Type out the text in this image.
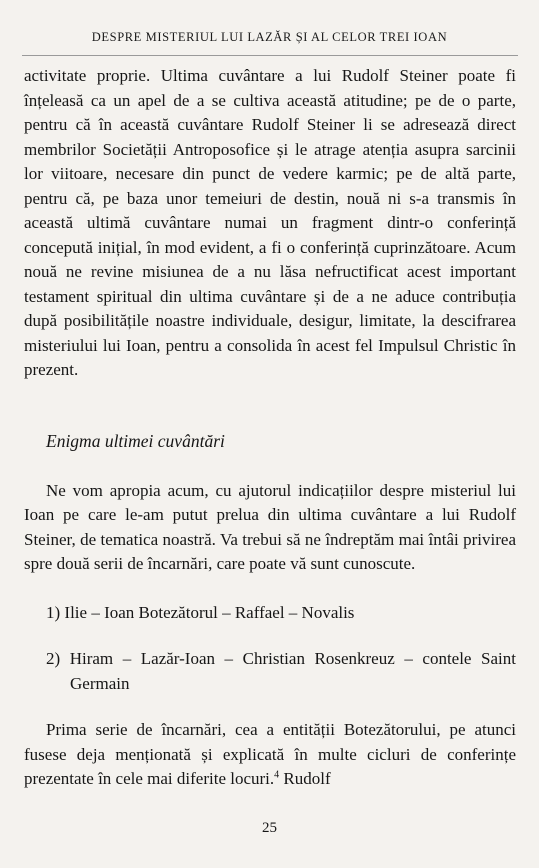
DESPRE MISTERIUL LUI LAZĂR ȘI AL CELOR TREI IOAN

activitate proprie. Ultima cuvântare a lui Rudolf Steiner poate fi înțeleasă ca un apel de a se cultiva această atitudine; pe de o parte, pentru că în această cuvântare Rudolf Steiner li se adresează direct membrilor Societății Antroposofice și le atrage atenția asupra sarcinii lor viitoare, necesare din punct de vedere karmic; pe de altă parte, pentru că, pe baza unor temeiuri de destin, nouă ni s-a transmis în această ultimă cuvântare numai un fragment dintr-o conferință concepută inițial, în mod evident, a fi o conferință cuprinzătoare. Acum nouă ne revine misiunea de a nu lăsa nefructificat acest important testament spiritual din ultima cuvântare și de a ne aduce contribuția după posibilitățile noastre individuale, desigur, limitate, la descifrarea misteriului lui Ioan, pentru a consolida în acest fel Impulsul Christic în prezent.

Enigma ultimei cuvântări

Ne vom apropia acum, cu ajutorul indicațiilor despre misteriul lui Ioan pe care le-am putut prelua din ultima cuvântare a lui Rudolf Steiner, de tematica noastră. Va trebui să ne îndreptăm mai întâi privirea spre două serii de încarnări, care poate vă sunt cunoscute.

1) Ilie – Ioan Botezătorul – Raffael – Novalis
2) Hiram – Lazăr-Ioan – Christian Rosenkreuz – contele Saint Germain

Prima serie de încarnări, cea a entității Botezătorului, pe atunci fusese deja menționată și explicată în multe cicluri de conferințe prezentate în cele mai diferite locuri.$^4$ Rudolf

25
